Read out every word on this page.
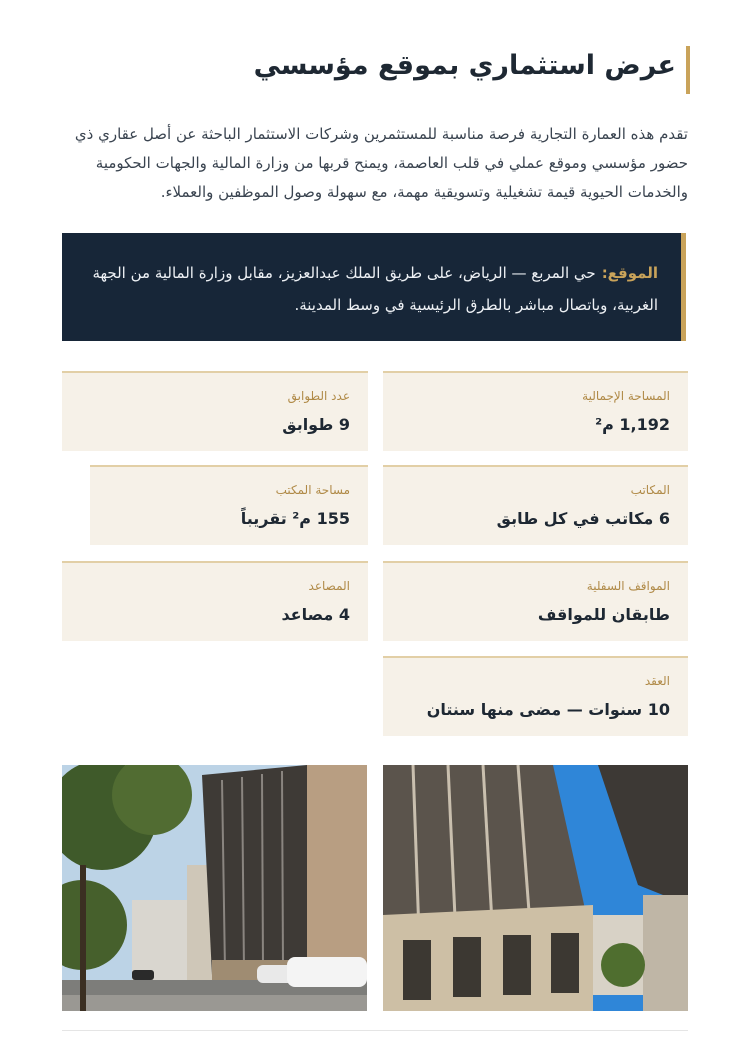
عرض استثماري بموقع مؤسسي
تقدم هذه العمارة التجارية فرصة مناسبة للمستثمرين وشركات الاستثمار الباحثة عن أصل عقاري ذي حضور مؤسسي وموقع عملي في قلب العاصمة، ويمنح قربها من وزارة المالية والجهات الحكومية والخدمات الحيوية قيمة تشغيلية وتسويقية مهمة، مع سهولة وصول الموظفين والعملاء.
الموقع:حي المربع — الرياض، على طريق الملك عبدالعزيز، مقابل وزارة المالية من الجهة الغربية، وباتصال مباشر بالطرق الرئيسية في وسط المدينة.
المساحة الإجمالية
1,192 م²
عدد الطوابق
9 طوابق
المكاتب
6 مكاتب في كل طابق
مساحة المكتب
155 م² تقريباً
المواقف السفلية
طابقان للمواقف
المصاعد
4 مصاعد
العقد
10 سنوات — مضى منها سنتان
